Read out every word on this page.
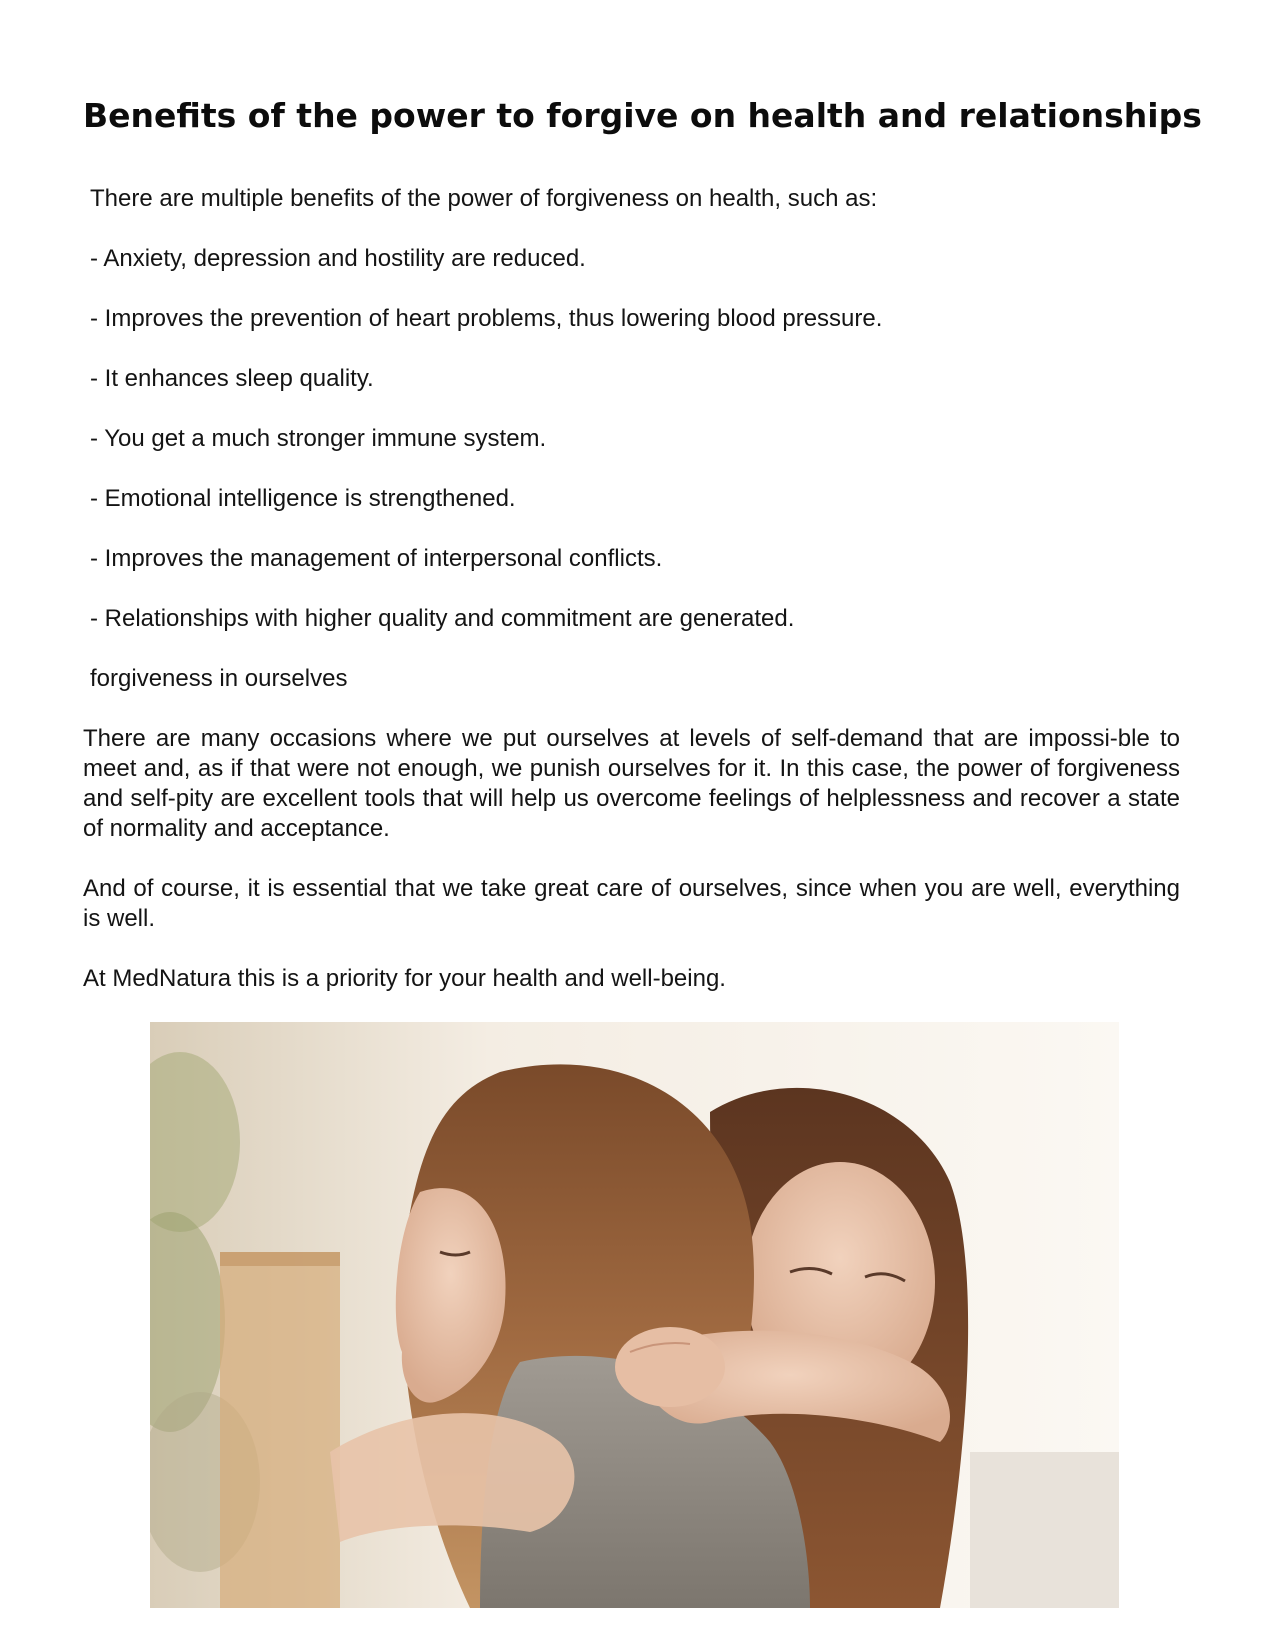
Benefits of the power to forgive on health and relationships

There are multiple benefits of the power of forgiveness on health, such as:

- Anxiety, depression and hostility are reduced.

- Improves the prevention of heart problems, thus lowering blood pressure.

- It enhances sleep quality.

- You get a much stronger immune system.

- Emotional intelligence is strengthened.

- Improves the management of interpersonal conflicts.

- Relationships with higher quality and commitment are generated.

forgiveness in ourselves

There are many occasions where we put ourselves at levels of self-demand that are impossi-ble to meet and, as if that were not enough, we punish ourselves for it. In this case, the power of forgiveness and self-pity are excellent tools that will help us overcome feelings of helplessness and recover a state of normality and acceptance.

And of course, it is essential that we take great care of ourselves, since when you are well, everything is well.

At MedNatura this is a priority for your health and well-being.
